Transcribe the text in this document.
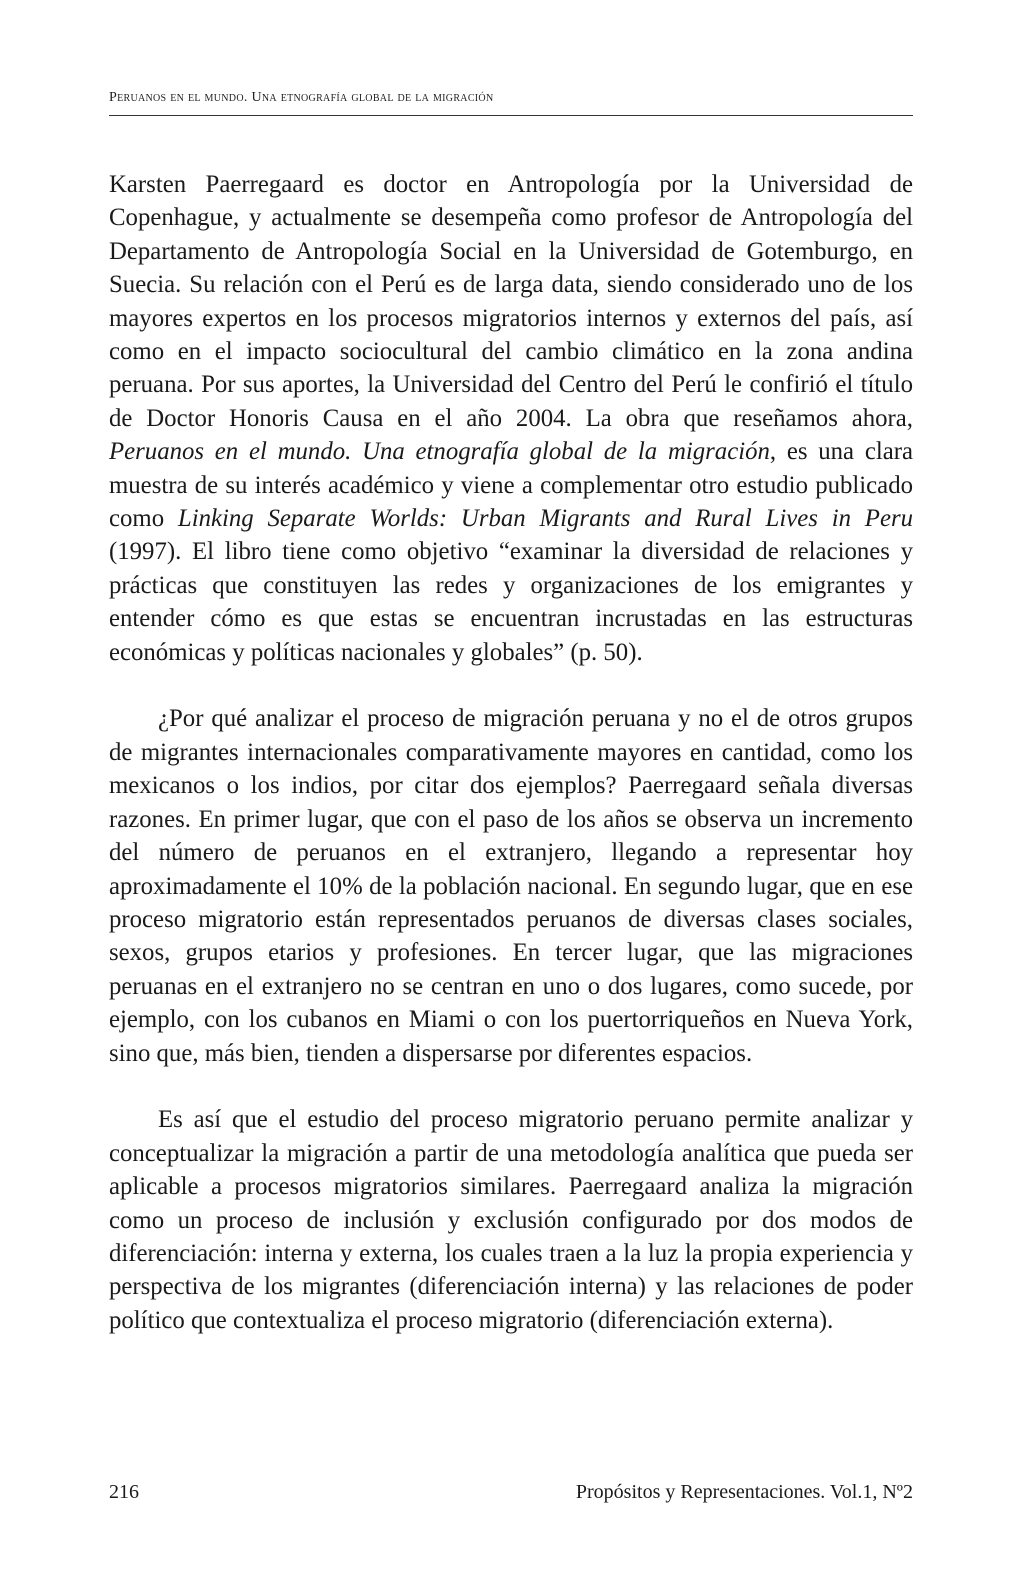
Peruanos en el mundo. Una etnografía global de la migración

Karsten Paerregaard es doctor en Antropología por la Universidad de Copenhague, y actualmente se desempeña como profesor de Antropología del Departamento de Antropología Social en la Universidad de Gotemburgo, en Suecia. Su relación con el Perú es de larga data, siendo considerado uno de los mayores expertos en los procesos migratorios internos y externos del país, así como en el impacto sociocultural del cambio climático en la zona andina peruana. Por sus aportes, la Universidad del Centro del Perú le confirió el título de Doctor Honoris Causa en el año 2004. La obra que reseñamos ahora, Peruanos en el mundo. Una etnografía global de la migración, es una clara muestra de su interés académico y viene a complementar otro estudio publicado como Linking Separate Worlds: Urban Migrants and Rural Lives in Peru (1997). El libro tiene como objetivo “examinar la diversidad de relaciones y prácticas que constituyen las redes y organizaciones de los emigrantes y entender cómo es que estas se encuentran incrustadas en las estructuras económicas y políticas nacionales y globales” (p. 50).

¿Por qué analizar el proceso de migración peruana y no el de otros grupos de migrantes internacionales comparativamente mayores en cantidad, como los mexicanos o los indios, por citar dos ejemplos? Paerregaard señala diversas razones. En primer lugar, que con el paso de los años se observa un incremento del número de peruanos en el extranjero, llegando a representar hoy aproximadamente el 10% de la población nacional. En segundo lugar, que en ese proceso migratorio están representados peruanos de diversas clases sociales, sexos, grupos etarios y profesiones. En tercer lugar, que las migraciones peruanas en el extranjero no se centran en uno o dos lugares, como sucede, por ejemplo, con los cubanos en Miami o con los puertorriqueños en Nueva York, sino que, más bien, tienden a dispersarse por diferentes espacios.

Es así que el estudio del proceso migratorio peruano permite analizar y conceptualizar la migración a partir de una metodología analítica que pueda ser aplicable a procesos migratorios similares. Paerregaard analiza la migración como un proceso de inclusión y exclusión configurado por dos modos de diferenciación: interna y externa, los cuales traen a la luz la propia experiencia y perspectiva de los migrantes (diferenciación interna) y las relaciones de poder político que contextualiza el proceso migratorio (diferenciación externa).

216	Propósitos y Representaciones. Vol.1, Nº2
